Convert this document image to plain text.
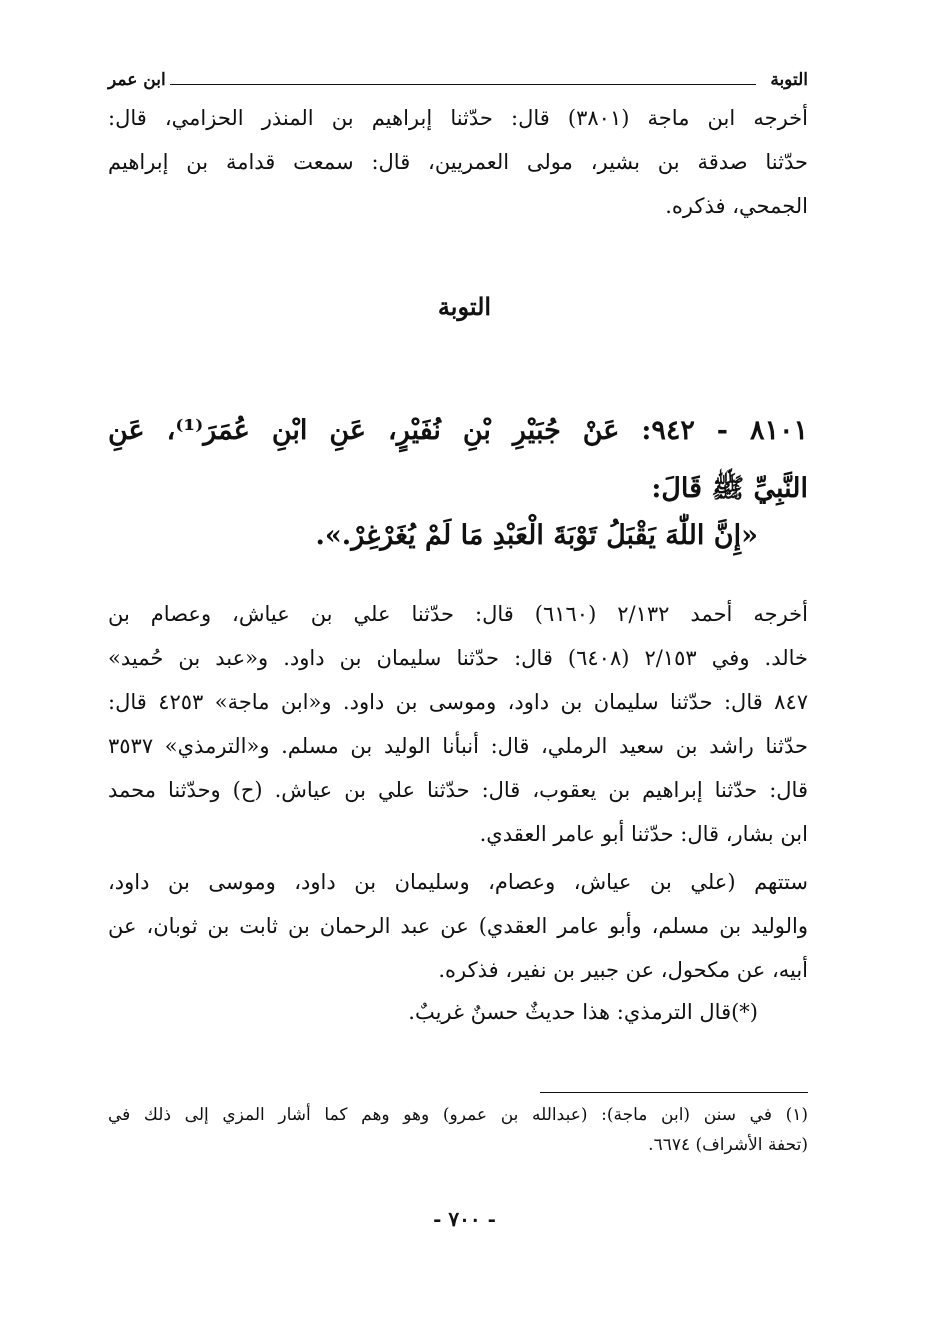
التوبة
ابن عمر
أخرجه ابن ماجة (٣٨٠١) قال: حدّثنا إبراهيم بن المنذر الحزامي، قال:
حدّثنا صدقة بن بشير، مولى العمريين، قال: سمعت قدامة بن إبراهيم
الجمحي، فذكره.
التوبة
٨١٠١ - ٩٤٢: عَنْ جُبَيْرِ بْنِ نُفَيْرٍ، عَنِ ابْنِ عُمَرَ⁽¹⁾، عَنِ
النَّبِيِّ ﷺ قَالَ:
«إِنَّ اللّٰهَ يَقْبَلُ تَوْبَةَ الْعَبْدِ مَا لَمْ يُغَرْغِرْ.».
أخرجه أحمد ٢/١٣٢ (٦١٦٠) قال: حدّثنا علي بن عياش، وعصام بن
خالد. وفي ٢/١٥٣ (٦٤٠٨) قال: حدّثنا سليمان بن داود. و«عبد بن حُميد»
٨٤٧ قال: حدّثنا سليمان بن داود، وموسى بن داود. و«ابن ماجة» ٤٢٥٣ قال:
حدّثنا راشد بن سعيد الرملي، قال: أنبأنا الوليد بن مسلم. و«الترمذي» ٣٥٣٧
قال: حدّثنا إبراهيم بن يعقوب، قال: حدّثنا علي بن عياش. (ح) وحدّثنا محمد
ابن بشار، قال: حدّثنا أبو عامر العقدي.
ستتهم (علي بن عياش، وعصام، وسليمان بن داود، وموسى بن داود،
والوليد بن مسلم، وأبو عامر العقدي) عن عبد الرحمان بن ثابت بن ثوبان، عن
أبيه، عن مكحول، عن جبير بن نفير، فذكره.
(*)قال الترمذي: هذا حديثٌ حسنٌ غريبٌ.
(١) في سنن (ابن ماجة): (عبدالله بن عمرو) وهو وهم كما أشار المزي إلى ذلك في
(تحفة الأشراف) ٦٦٧٤.
- ٧٠٠ -
